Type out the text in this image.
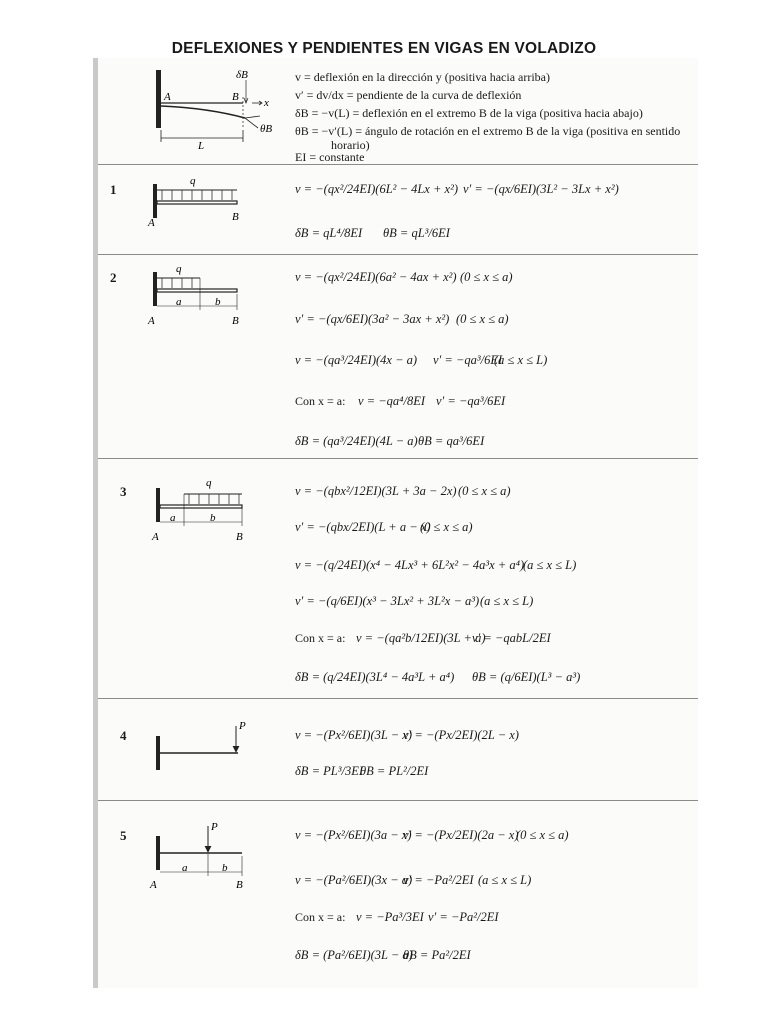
DEFLEXIONES Y PENDIENTES EN VIGAS EN VOLADIZO
A	B
L
δB
x
θB
v = deflexión en la dirección y (positiva hacia arriba)
v′ = dv/dx = pendiente de la curva de deflexión
δB = −v(L) = deflexión en el extremo B de la viga (positiva hacia abajo)
θB = −v′(L) = ángulo de rotación en el extremo B de la viga (positiva en sentido
horario)
EI = constante
1
q
A	B
v = −(qx²/24EI)(6L² − 4Lx + x²) v′ = −(qx/6EI)(3L² − 3Lx + x²)
δB = qL⁴/8EI θB = qL³/6EI
2
q
a	b
A	B
v = −(qx²/24EI)(6a² − 4ax + x²) (0 ≤ x ≤ a)
v′ = −(qx/6EI)(3a² − 3ax + x²) (0 ≤ x ≤ a)
v = −(qa³/24EI)(4x − a) v′ = −qa³/6EI
(a ≤ x ≤ L)
Con x = a: v = −qa⁴/8EI v′ = −qa³/6EI
δB = (qa³/24EI)(4L − a) θB = qa³/6EI
3
q
a	b
A	B
v = −(qbx²/12EI)(3L + 3a − 2x) (0 ≤ x ≤ a)
v′ = −(qbx/2EI)(L + a − x)
(0 ≤ x ≤ a)
v = −(q/24EI)(x⁴ − 4Lx³ + 6L²x² − 4a³x + a⁴)
(a ≤ x ≤ L)
v′ = −(q/6EI)(x³ − 3Lx² + 3L²x − a³) (a ≤ x ≤ L)
Con x = a: v = −(qa²b/12EI)(3L + a)
v′ = −qabL/2EI
δB = (q/24EI)(3L⁴ − 4a³L + a⁴) θB = (q/6EI)(L³ − a³)
4
P
v = −(Px²/6EI)(3L − x)
v′ = −(Px/2EI)(2L − x)
δB = PL³/3EI
θB = PL²/2EI
5
P
a	b
A	B
v = −(Px²/6EI)(3a − x)
v′ = −(Px/2EI)(2a − x)
(0 ≤ x ≤ a)
v = −(Pa²/6EI)(3x − a)
v′ = −Pa²/2EI (a ≤ x ≤ L)
Con x = a: v = −Pa³/3EI v′ = −Pa²/2EI
δB = (Pa²/6EI)(3L − a)
θB = Pa²/2EI
